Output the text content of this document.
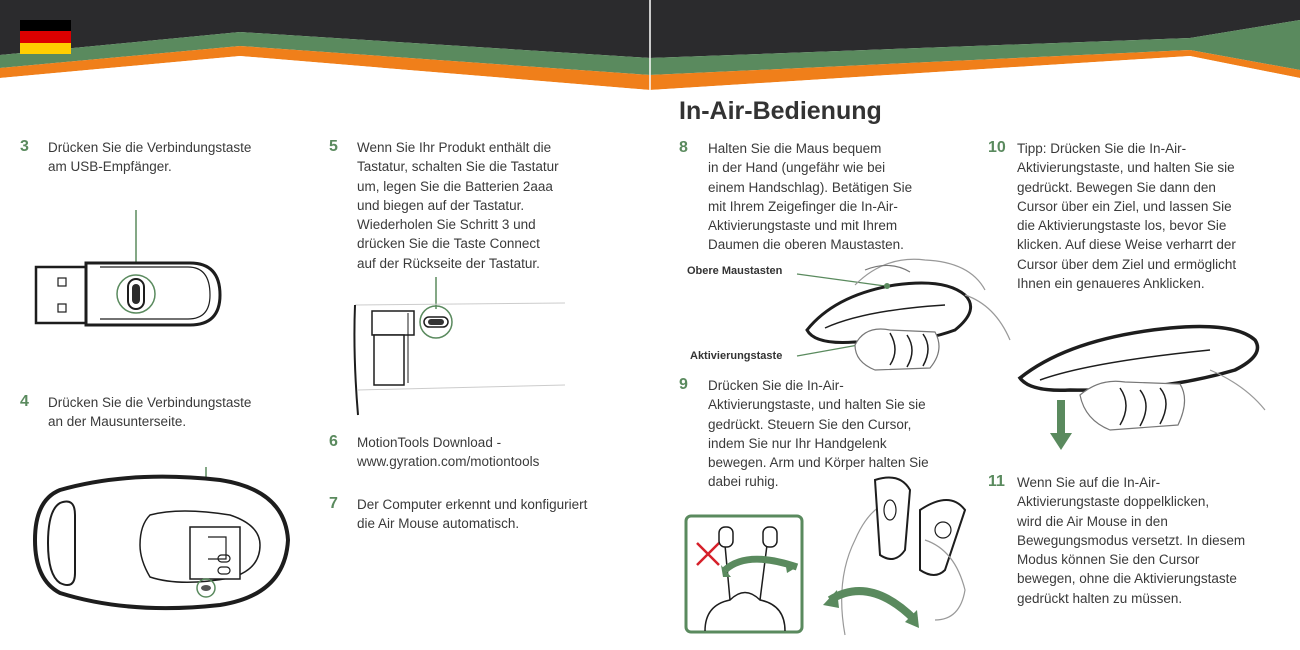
In-Air-Bedienung
3 Drücken Sie die Verbindungstaste
am USB-Empfänger.
4 Drücken Sie die Verbindungstaste
an der Mausunterseite.
5 Wenn Sie Ihr Produkt enthält die
Tastatur, schalten Sie die Tastatur
um, legen Sie die Batterien 2aaa
und biegen auf der Tastatur.
Wiederholen Sie Schritt 3 und
drücken Sie die Taste Connect
auf der Rückseite der Tastatur.
6 MotionTools Download -
www.gyration.com/motiontools
7 Der Computer erkennt und konfiguriert
die Air Mouse automatisch.
8 Halten Sie die Maus bequem
in der Hand (ungefähr wie bei
einem Handschlag). Betätigen Sie
mit Ihrem Zeigefinger die In-Air-
Aktivierungstaste und mit Ihrem
Daumen die oberen Maustasten.
9 Drücken Sie die In-Air-
Aktivierungstaste, und halten Sie sie
gedrückt. Steuern Sie den Cursor,
indem Sie nur Ihr Handgelenk
bewegen. Arm und Körper halten Sie
dabei ruhig.
10 Tipp: Drücken Sie die In-Air-
Aktivierungstaste, und halten Sie sie
gedrückt. Bewegen Sie dann den
Cursor über ein Ziel, und lassen Sie
die Aktivierungstaste los, bevor Sie
klicken. Auf diese Weise verharrt der
Cursor über dem Ziel und ermöglicht
Ihnen ein genaueres Anklicken.
11 Wenn Sie auf die In-Air-
Aktivierungstaste doppelklicken,
wird die Air Mouse in den
Bewegungsmodus versetzt. In diesem
Modus können Sie den Cursor
bewegen, ohne die Aktivierungstaste
gedrückt halten zu müssen.
Obere Maustasten
Aktivierungstaste
